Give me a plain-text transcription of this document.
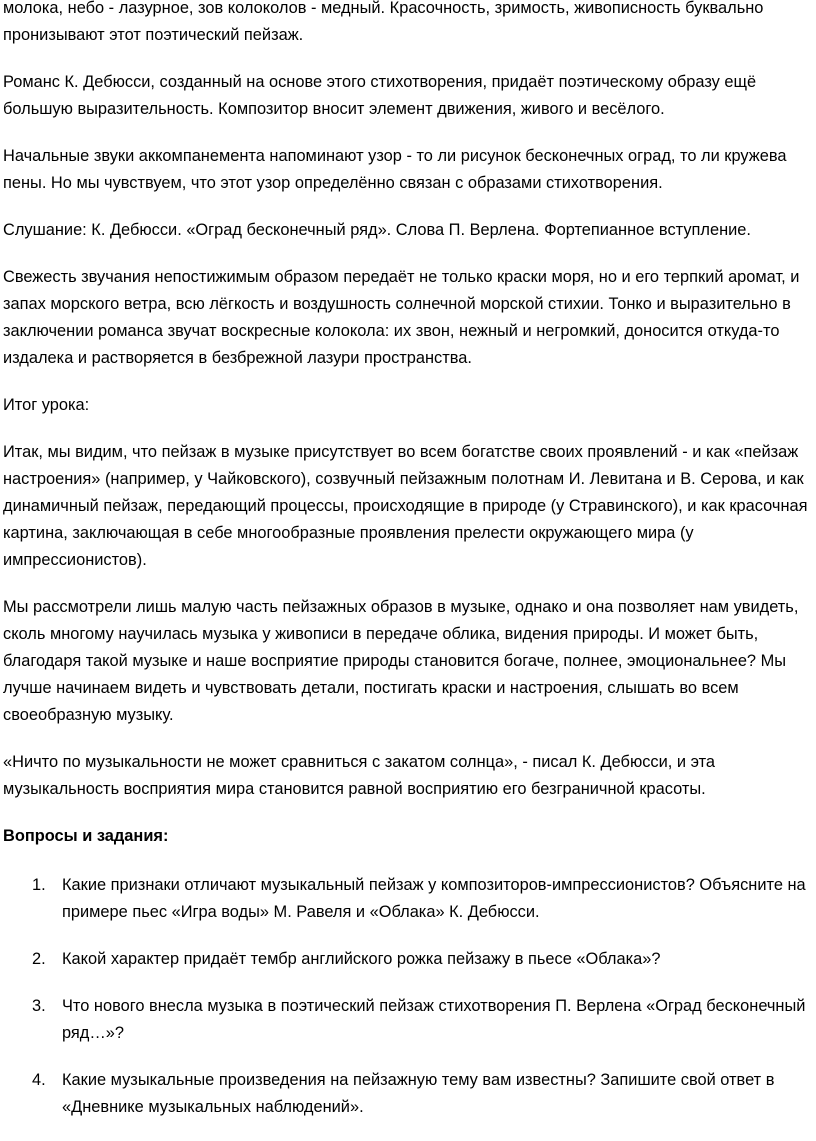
молока, небо - лазурное, зов колоколов - медный. Красочность, зримость, живописность буквально пронизывают этот поэтический пейзаж.

Романс К. Дебюсси, созданный на основе этого стихотворения, придаёт поэтическому образу ещё большую выразительность. Композитор вносит элемент движения, живого и весёлого.

Начальные звуки аккомпанемента напоминают узор - то ли рисунок бесконечных оград, то ли кружева пены. Но мы чувствуем, что этот узор определённо связан с образами стихотворения.

Слушание: К. Дебюсси. «Оград бесконечный ряд». Слова П. Верлена. Фортепианное вступление.

Свежесть звучания непостижимым образом передаёт не только краски моря, но и его терпкий аромат, и запах морского ветра, всю лёгкость и воздушность солнечной морской стихии. Тонко и выразительно в заключении романса звучат воскресные колокола: их звон, нежный и негромкий, доносится откуда-то издалека и растворяется в безбрежной лазури пространства.

Итог урока:

Итак, мы видим, что пейзаж в музыке присутствует во всем богатстве своих проявлений - и как «пейзаж настроения» (например, у Чайковского), созвучный пейзажным полотнам И. Левитана и В. Серова, и как динамичный пейзаж, передающий процессы, происходящие в природе (у Стравинского), и как красочная картина, заключающая в себе многообразные проявления прелести окружающего мира (у импрессионистов).

Мы рассмотрели лишь малую часть пейзажных образов в музыке, однако и она позволяет нам увидеть, сколь многому научилась музыка у живописи в передаче облика, видения природы. И может быть, благодаря такой музыке и наше восприятие природы становится богаче, полнее, эмоциональнее? Мы лучше начинаем видеть и чувствовать детали, постигать краски и настроения, слышать во всем своеобразную музыку.

«Ничто по музыкальности не может сравниться с закатом солнца», - писал К. Дебюсси, и эта музыкальность восприятия мира становится равной восприятию его безграничной красоты.

Вопросы и задания:

1. Какие признаки отличают музыкальный пейзаж у композиторов-импрессионистов? Объясните на примере пьес «Игра воды» М. Равеля и «Облака» К. Дебюсси.
2. Какой характер придаёт тембр английского рожка пейзажу в пьесе «Облака»?
3. Что нового внесла музыка в поэтический пейзаж стихотворения П. Верлена «Оград бесконечный ряд…»?
4. Какие музыкальные произведения на пейзажную тему вам известны? Запишите свой ответ в «Дневнике музыкальных наблюдений».
